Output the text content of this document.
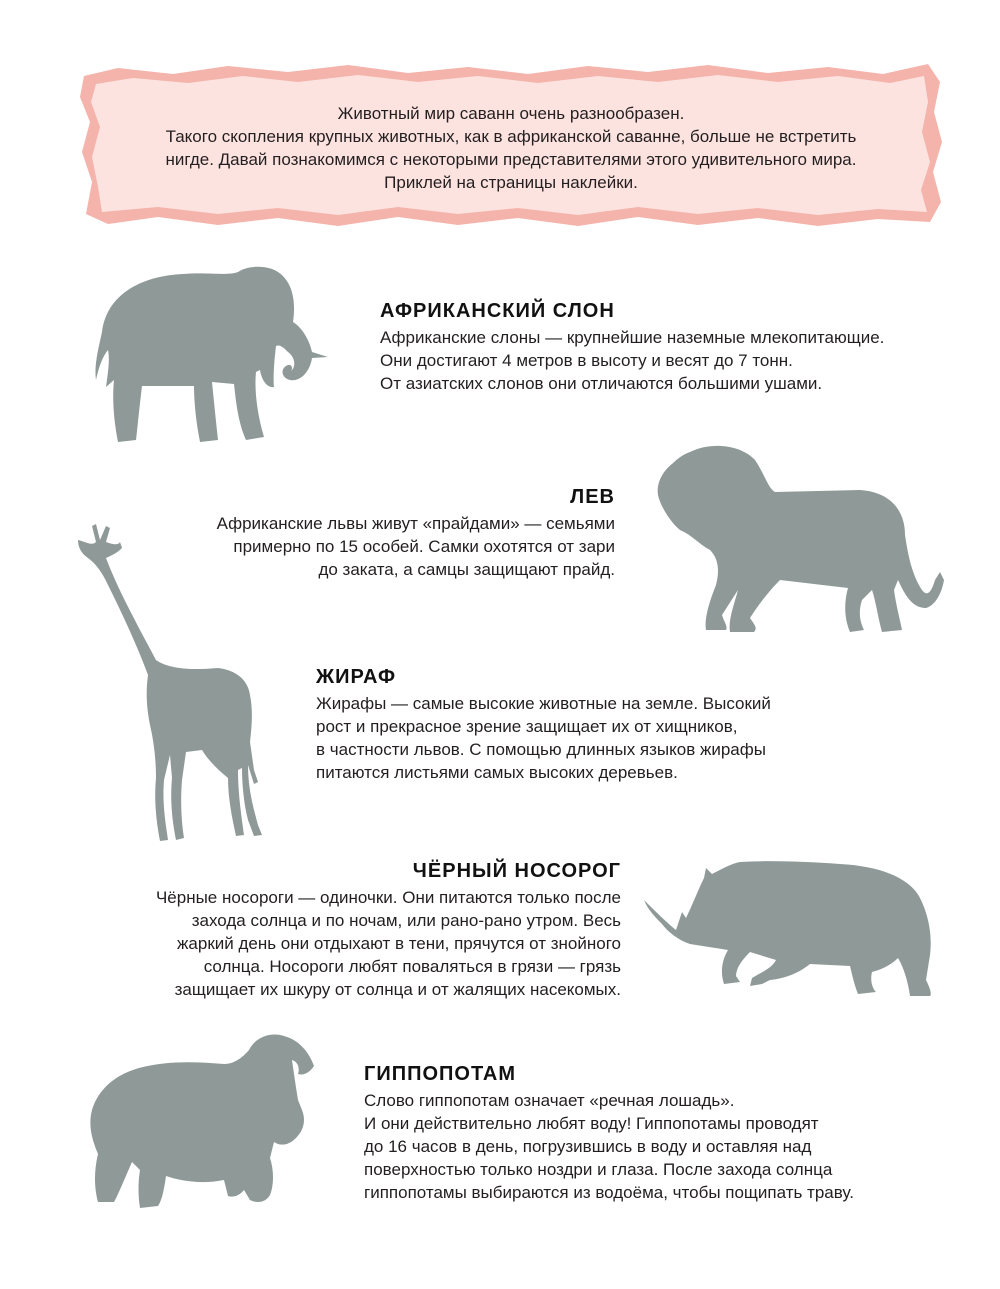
Животный мир саванн очень разнообразен.

Такого скопления крупных животных, как в африканской саванне, больше не встретить

нигде. Давай познакомимся с некоторыми представителями этого удивительного мира.

Приклей на страницы наклейки.

АФРИКАНСКИЙ СЛОН

Африканские слоны — крупнейшие наземные млекопитающие.

Они достигают 4 метров в высоту и весят до 7 тонн.

От азиатских слонов они отличаются большими ушами.

ЛЕВ

Африканские львы живут «прайдами» — семьями

примерно по 15 особей. Самки охотятся от зари

до заката, а самцы защищают прайд.

ЖИРАФ

Жирафы — самые высокие животные на земле. Высокий

рост и прекрасное зрение защищает их от хищников,

в частности львов. С помощью длинных языков жирафы

питаются листьями самых высоких деревьев.

ЧЁРНЫЙ НОСОРОГ

Чёрные носороги — одиночки. Они питаются только после

захода солнца и по ночам, или рано-рано утром. Весь

жаркий день они отдыхают в тени, прячутся от знойного

солнца. Носороги любят поваляться в грязи — грязь

защищает их шкуру от солнца и от жалящих насекомых.

ГИППОПОТАМ

Слово гиппопотам означает «речная лошадь».

И они действительно любят воду! Гиппопотамы проводят

до 16 часов в день, погрузившись в воду и оставляя над

поверхностью только ноздри и глаза. После захода солнца

гиппопотамы выбираются из водоёма, чтобы пощипать траву.
